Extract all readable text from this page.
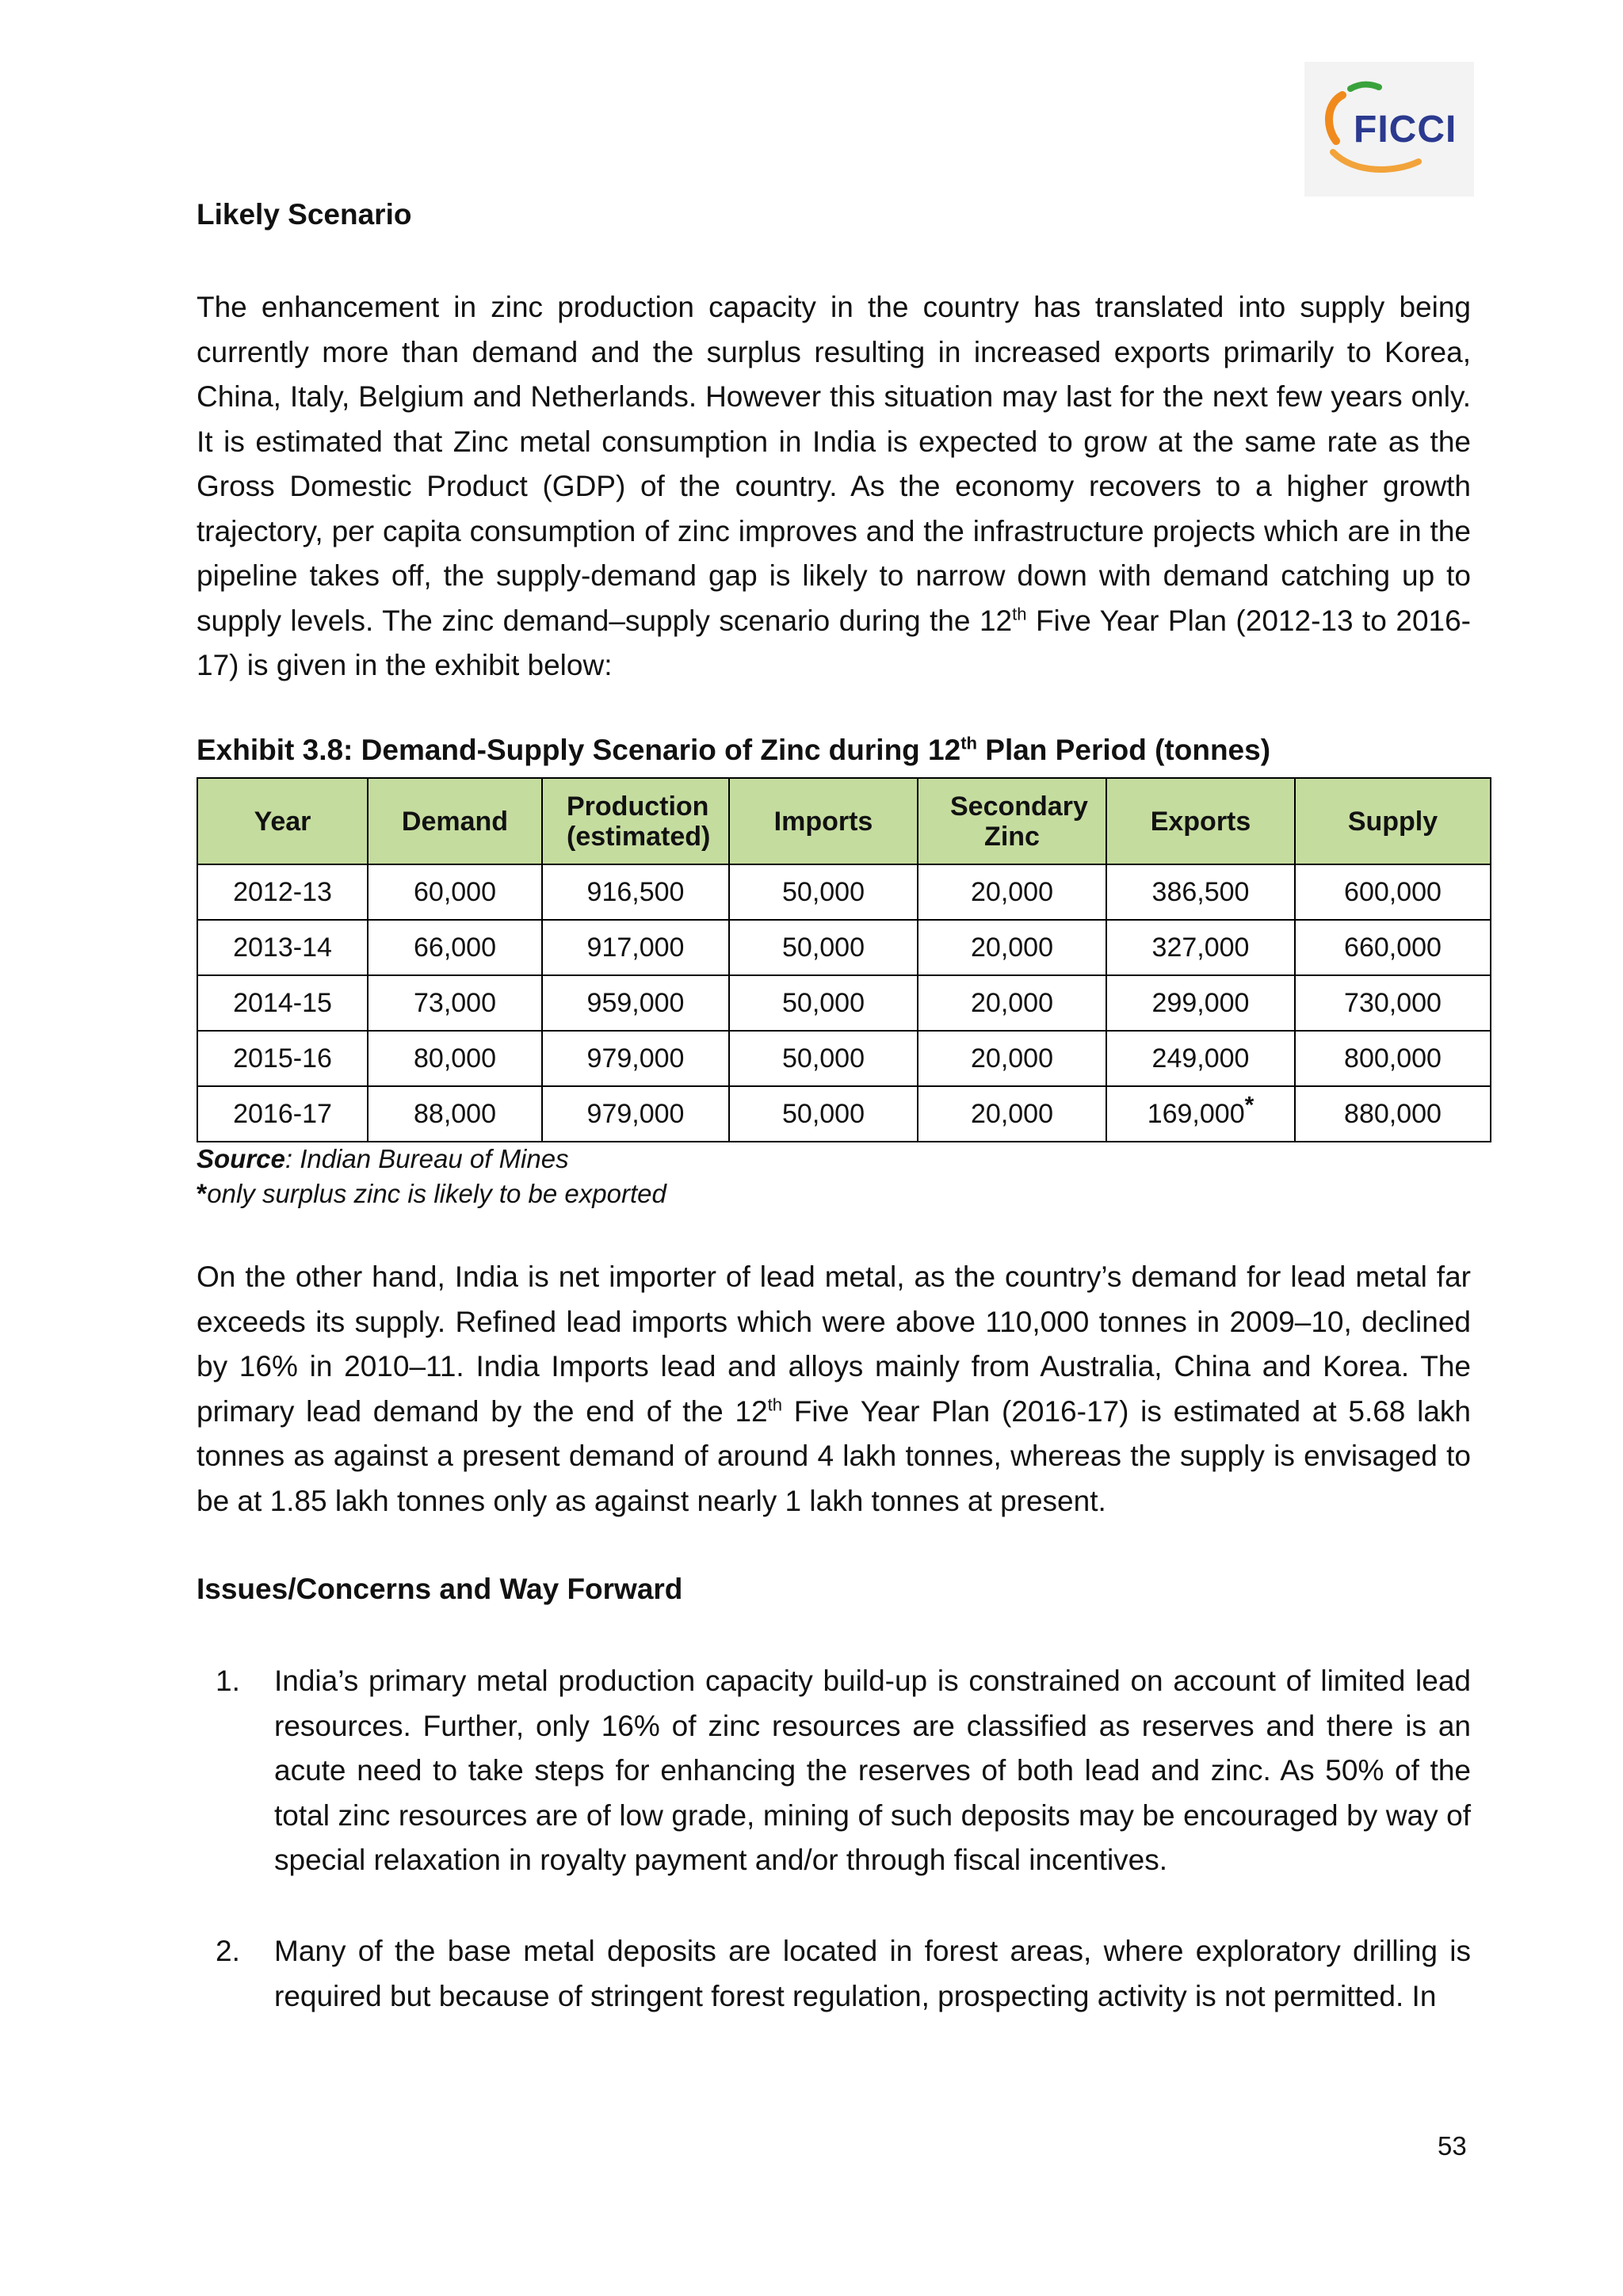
FICCI
Likely Scenario

The enhancement in zinc production capacity in the country has translated into supply being currently more than demand and the surplus resulting in increased exports primarily to Korea, China, Italy, Belgium and Netherlands. However this situation may last for the next few years only. It is estimated that Zinc metal consumption in India is expected to grow at the same rate as the Gross Domestic Product (GDP) of the country. As the economy recovers to a higher growth trajectory, per capita consumption of zinc improves and the infrastructure projects which are in the pipeline takes off, the supply-demand gap is likely to narrow down with demand catching up to supply levels. The zinc demand–supply scenario during the 12th Five Year Plan (2012-13 to 2016-17) is given in the exhibit below:

Exhibit 3.8: Demand-Supply Scenario of Zinc during 12th Plan Period (tonnes)
Year	Demand	Production (estimated)	Imports	Secondary Zinc	Exports	Supply
2012-13	60,000	916,500	50,000	20,000	386,500	600,000
2013-14	66,000	917,000	50,000	20,000	327,000	660,000
2014-15	73,000	959,000	50,000	20,000	299,000	730,000
2015-16	80,000	979,000	50,000	20,000	249,000	800,000
2016-17	88,000	979,000	50,000	20,000	169,000*	880,000
Source: Indian Bureau of Mines
*only surplus zinc is likely to be exported

On the other hand, India is net importer of lead metal, as the country’s demand for lead metal far exceeds its supply. Refined lead imports which were above 110,000 tonnes in 2009–10, declined by 16% in 2010–11. India Imports lead and alloys mainly from Australia, China and Korea. The primary lead demand by the end of the 12th Five Year Plan (2016-17) is estimated at 5.68 lakh tonnes as against a present demand of around 4 lakh tonnes, whereas the supply is envisaged to be at 1.85 lakh tonnes only as against nearly 1 lakh tonnes at present.

Issues/Concerns and Way Forward
1. India’s primary metal production capacity build-up is constrained on account of limited lead resources. Further, only 16% of zinc resources are classified as reserves and there is an acute need to take steps for enhancing the reserves of both lead and zinc. As 50% of the total zinc resources are of low grade, mining of such deposits may be encouraged by way of special relaxation in royalty payment and/or through fiscal incentives.

2. Many of the base metal deposits are located in forest areas, where exploratory drilling is required but because of stringent forest regulation, prospecting activity is not permitted. In

53
